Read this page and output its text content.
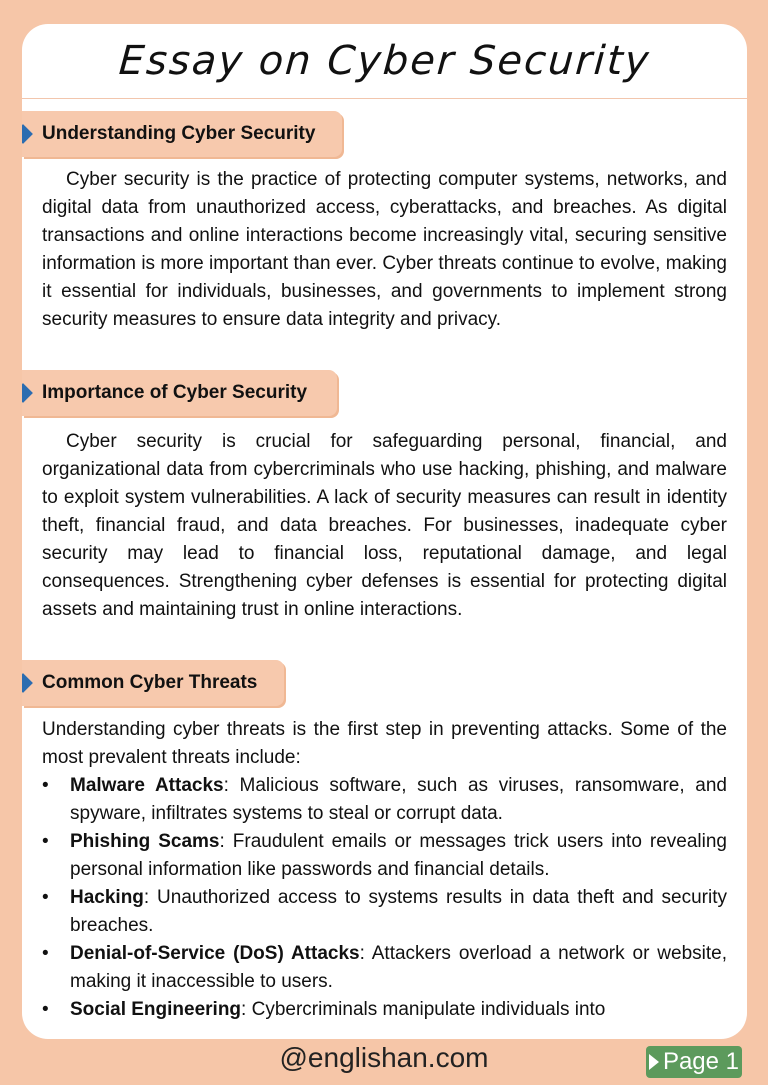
Essay on Cyber Security
Understanding Cyber Security

Cyber security is the practice of protecting computer systems, networks, and digital data from unauthorized access, cyberattacks, and breaches. As digital transactions and online interactions become increasingly vital, securing sensitive information is more important than ever. Cyber threats continue to evolve, making it essential for individuals, businesses, and governments to implement strong security measures to ensure data integrity and privacy.

Importance of Cyber Security

Cyber security is crucial for safeguarding personal, financial, and organizational data from cybercriminals who use hacking, phishing, and malware to exploit system vulnerabilities. A lack of security measures can result in identity theft, financial fraud, and data breaches. For businesses, inadequate cyber security may lead to financial loss, reputational damage, and legal consequences. Strengthening cyber defenses is essential for protecting digital assets and maintaining trust in online interactions.

Common Cyber Threats

Understanding cyber threats is the first step in preventing attacks. Some of the most prevalent threats include:

• Malware Attacks: Malicious software, such as viruses, ransomware, and spyware, infiltrates systems to steal or corrupt data.
• Phishing Scams: Fraudulent emails or messages trick users into revealing personal information like passwords and financial details.
• Hacking: Unauthorized access to systems results in data theft and security breaches.
• Denial-of-Service (DoS) Attacks: Attackers overload a network or website, making it inaccessible to users.
• Social Engineering: Cybercriminals manipulate individuals into
@englishan.com	Page 1
